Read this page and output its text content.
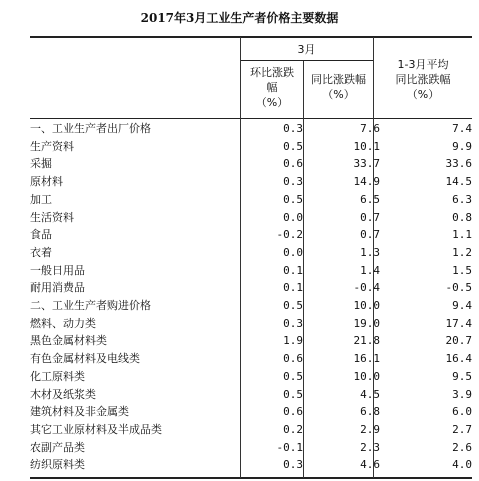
2017年3月工业生产者价格主要数据
3月
环比涨跌
幅
（%）
同比涨跌幅
（%）
1-3月平均
同比涨跌幅
（%）
一、工业生产者出厂价格	0.3	7.6	7.4
生产资料	0.5	10.1	9.9
采掘	0.6	33.7	33.6
原材料	0.3	14.9	14.5
加工	0.5	6.5	6.3
生活资料	0.0	0.7	0.8
食品	-0.2	0.7	1.1
衣着	0.0	1.3	1.2
一般日用品	0.1	1.4	1.5
耐用消费品	0.1	-0.4	-0.5
二、工业生产者购进价格	0.5	10.0	9.4
燃料、动力类	0.3	19.0	17.4
黑色金属材料类	1.9	21.8	20.7
有色金属材料及电线类	0.6	16.1	16.4
化工原料类	0.5	10.0	9.5
木材及纸浆类	0.5	4.5	3.9
建筑材料及非金属类	0.6	6.8	6.0
其它工业原材料及半成品类	0.2	2.9	2.7
农副产品类	-0.1	2.3	2.6
纺织原料类	0.3	4.6	4.0
